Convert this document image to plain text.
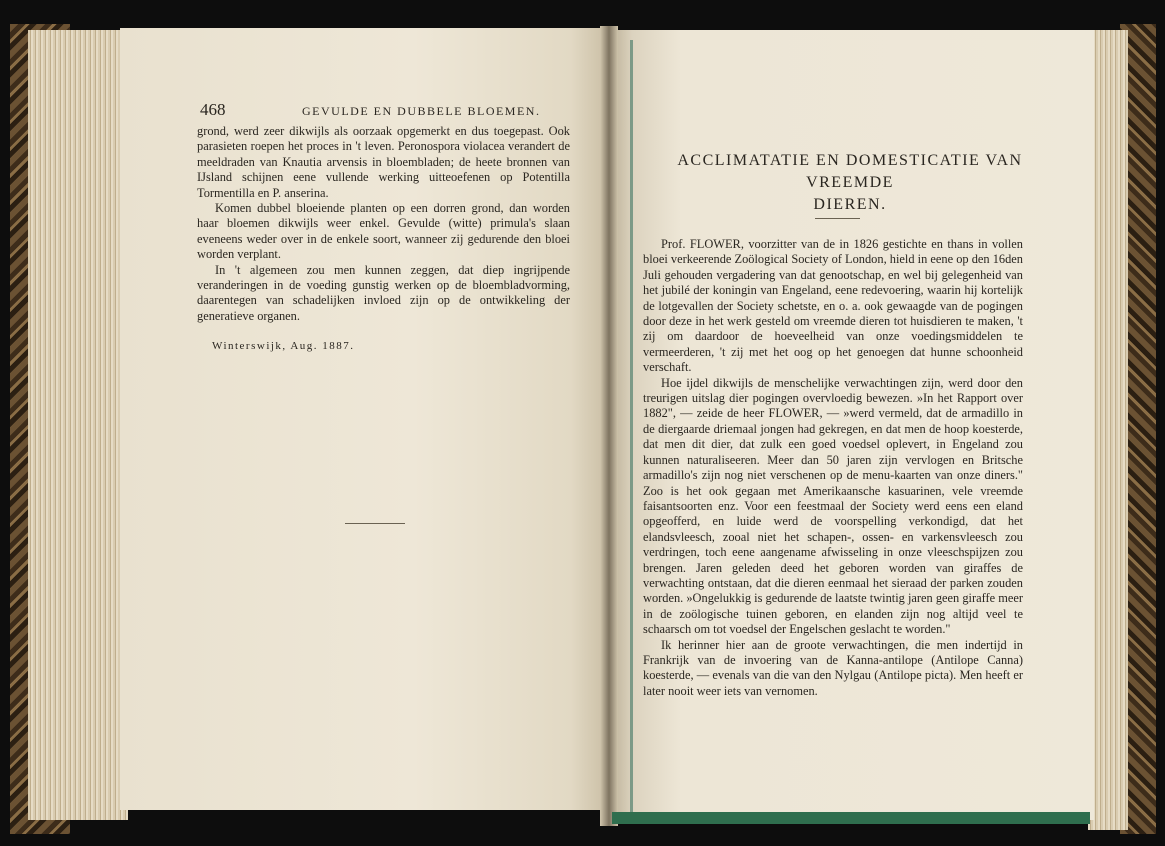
468	GEVULDE EN DUBBELE BLOEMEN.

grond, werd zeer dikwijls als oorzaak opgemerkt en dus toegepast. Ook parasieten roepen het proces in 't leven. Peronospora violacea verandert de meeldraden van Knautia arvensis in bloembladen; de heete bronnen van IJsland schijnen eene vullende werking uitteoefenen op Potentilla Tormentilla en P. anserina.

Komen dubbel bloeiende planten op een dorren grond, dan worden haar bloemen dikwijls weer enkel. Gevulde (witte) primula's slaan eveneens weder over in de enkele soort, wanneer zij gedurende den bloei worden verplant.

In 't algemeen zou men kunnen zeggen, dat diep ingrijpende veranderingen in de voeding gunstig werken op de bloembladvorming, daarentegen van schadelijken invloed zijn op de ontwikkeling der generatieve organen.

Winterswijk, Aug. 1887.
ACCLIMATATIE EN DOMESTICATIE VAN VREEMDE
DIEREN.

Prof. FLOWER, voorzitter van de in 1826 gestichte en thans in vollen bloei verkeerende Zoölogical Society of London, hield in eene op den 16den Juli gehouden vergadering van dat genootschap, en wel bij gelegenheid van het jubilé der koningin van Engeland, eene redevoering, waarin hij kortelijk de lotgevallen der Society schetste, en o. a. ook gewaagde van de pogingen door deze in het werk gesteld om vreemde dieren tot huisdieren te maken, 't zij om daardoor de hoeveelheid van onze voedingsmiddelen te vermeerderen, 't zij met het oog op het genoegen dat hunne schoonheid verschaft.

Hoe ijdel dikwijls de menschelijke verwachtingen zijn, werd door den treurigen uitslag dier pogingen overvloedig bewezen. »In het Rapport over 1882", — zeide de heer FLOWER, — »werd vermeld, dat de armadillo in de diergaarde driemaal jongen had gekregen, en dat men de hoop koesterde, dat men dit dier, dat zulk een goed voedsel oplevert, in Engeland zou kunnen naturaliseeren. Meer dan 50 jaren zijn vervlogen en Britsche armadillo's zijn nog niet verschenen op de menu-kaarten van onze diners." Zoo is het ook gegaan met Amerikaansche kasuarinen, vele vreemde faisantsoorten enz. Voor een feestmaal der Society werd eens een eland opgeofferd, en luide werd de voorspelling verkondigd, dat het elandsvleesch, zooal niet het schapen-, ossen- en varkensvleesch zou verdringen, toch eene aangename afwisseling in onze vleeschspijzen zou brengen. Jaren geleden deed het geboren worden van giraffes de verwachting ontstaan, dat die dieren eenmaal het sieraad der parken zouden worden. »Ongelukkig is gedurende de laatste twintig jaren geen giraffe meer in de zoölogische tuinen geboren, en elanden zijn nog altijd veel te schaarsch om tot voedsel der Engelschen geslacht te worden."

Ik herinner hier aan de groote verwachtingen, die men indertijd in Frankrijk van de invoering van de Kanna-antilope (Antilope Canna) koesterde, — evenals van die van den Nylgau (Antilope picta). Men heeft er later nooit weer iets van vernomen.
